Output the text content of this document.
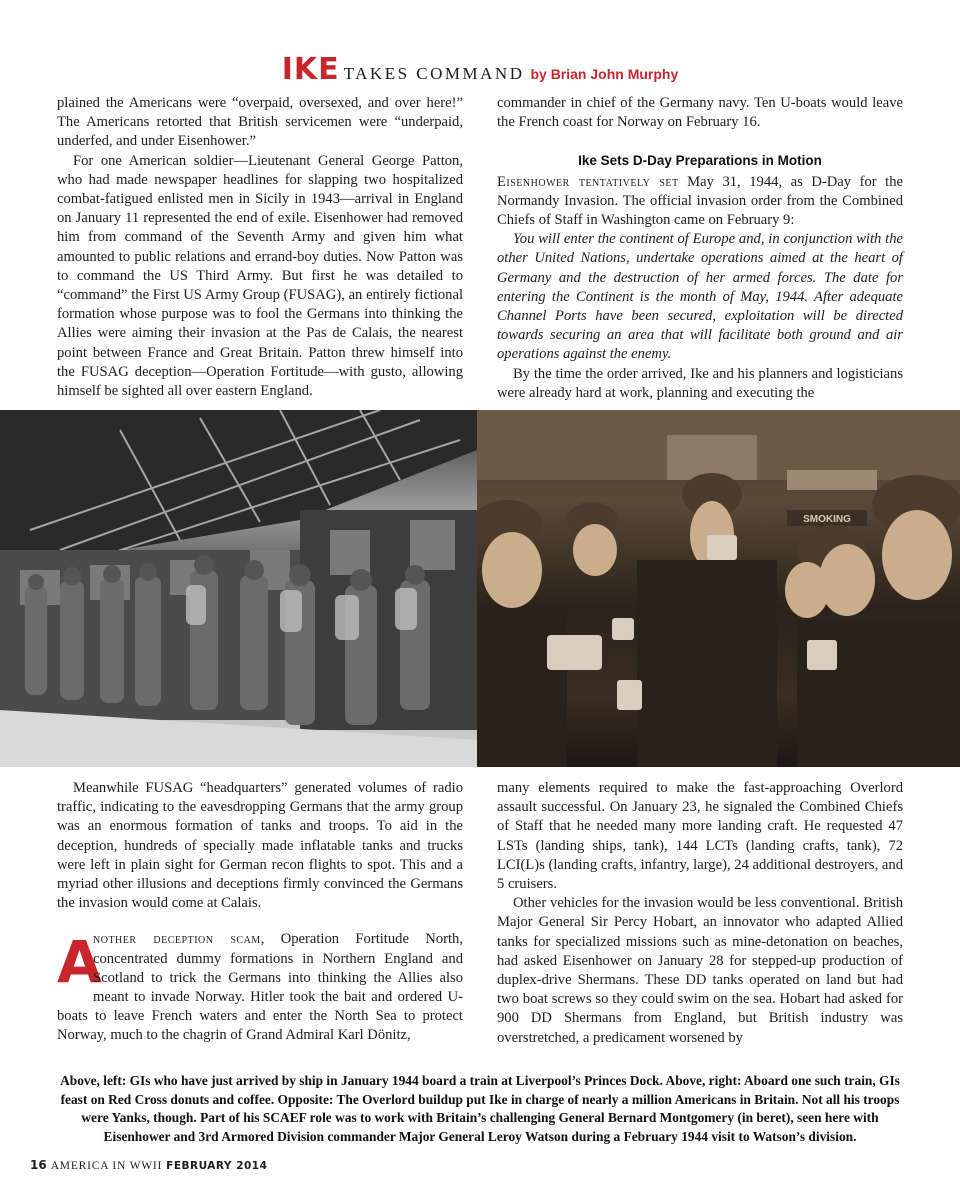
IKE TAKES COMMAND by Brian John Murphy

plained the Americans were “overpaid, oversexed, and over here!” The Americans retorted that British servicemen were “underpaid, underfed, and under Eisenhower.”

For one American soldier—Lieutenant General George Patton, who had made newspaper headlines for slapping two hospitalized combat-fatigued enlisted men in Sicily in 1943—arrival in England on January 11 represented the end of exile. Eisenhower had removed him from command of the Seventh Army and given him what amounted to public relations and errand-boy duties. Now Patton was to command the US Third Army. But first he was detailed to “command” the First US Army Group (FUSAG), an entirely fictional formation whose purpose was to fool the Germans into thinking the Allies were aiming their invasion at the Pas de Calais, the nearest point between France and Great Britain. Patton threw himself into the FUSAG deception—Operation Fortitude—with gusto, allowing himself be sighted all over eastern England.

commander in chief of the Germany navy. Ten U-boats would leave the French coast for Norway on February 16.

Ike Sets D-Day Preparations in Motion

Eisenhower tentatively set May 31, 1944, as D-Day for the Normandy Invasion. The official invasion order from the Combined Chiefs of Staff in Washington came on February 9:

You will enter the continent of Europe and, in conjunction with the other United Nations, undertake operations aimed at the heart of Germany and the destruction of her armed forces. The date for entering the Continent is the month of May, 1944. After adequate Channel Ports have been secured, exploitation will be directed towards securing an area that will facilitate both ground and air operations against the enemy.

By the time the order arrived, Ike and his planners and logisticians were already hard at work, planning and executing the

SMOKING

Meanwhile FUSAG “headquarters” generated volumes of radio traffic, indicating to the eavesdropping Germans that the army group was an enormous formation of tanks and troops. To aid in the deception, hundreds of specially made inflatable tanks and trucks were left in plain sight for German recon flights to spot. This and a myriad other illusions and deceptions firmly convinced the Germans the invasion would come at Calais.

A
nother deception scam, Operation Fortitude North, concentrated dummy formations in Northern England and Scotland to trick the Germans into thinking the Allies also meant to invade Norway. Hitler took the bait and ordered U-boats to leave French waters and enter the North Sea to protect Norway, much to the chagrin of Grand Admiral Karl Dönitz,

many elements required to make the fast-approaching Overlord assault successful. On January 23, he signaled the Combined Chiefs of Staff that he needed many more landing craft. He requested 47 LSTs (landing ships, tank), 144 LCTs (landing crafts, tank), 72 LCI(L)s (landing crafts, infantry, large), 24 additional destroyers, and 5 cruisers.

Other vehicles for the invasion would be less conventional. British Major General Sir Percy Hobart, an innovator who adapted Allied tanks for specialized missions such as mine-detonation on beaches, had asked Eisenhower on January 28 for stepped-up production of duplex-drive Shermans. These DD tanks operated on land but had two boat screws so they could swim on the sea. Hobart had asked for 900 DD Shermans from England, but British industry was overstretched, a predicament worsened by

Above, left: GIs who have just arrived by ship in January 1944 board a train at Liverpool’s Princes Dock. Above, right: Aboard one such train, GIs feast on Red Cross donuts and coffee. Opposite: The Overlord buildup put Ike in charge of nearly a million Americans in Britain. Not all his troops were Yanks, though. Part of his SCAEF role was to work with Britain’s challenging General Bernard Montgomery (in beret), seen here with Eisenhower and 3rd Armored Division commander Major General Leroy Watson during a February 1944 visit to Watson’s division.
16 AMERICA IN WWII FEBRUARY 2014
